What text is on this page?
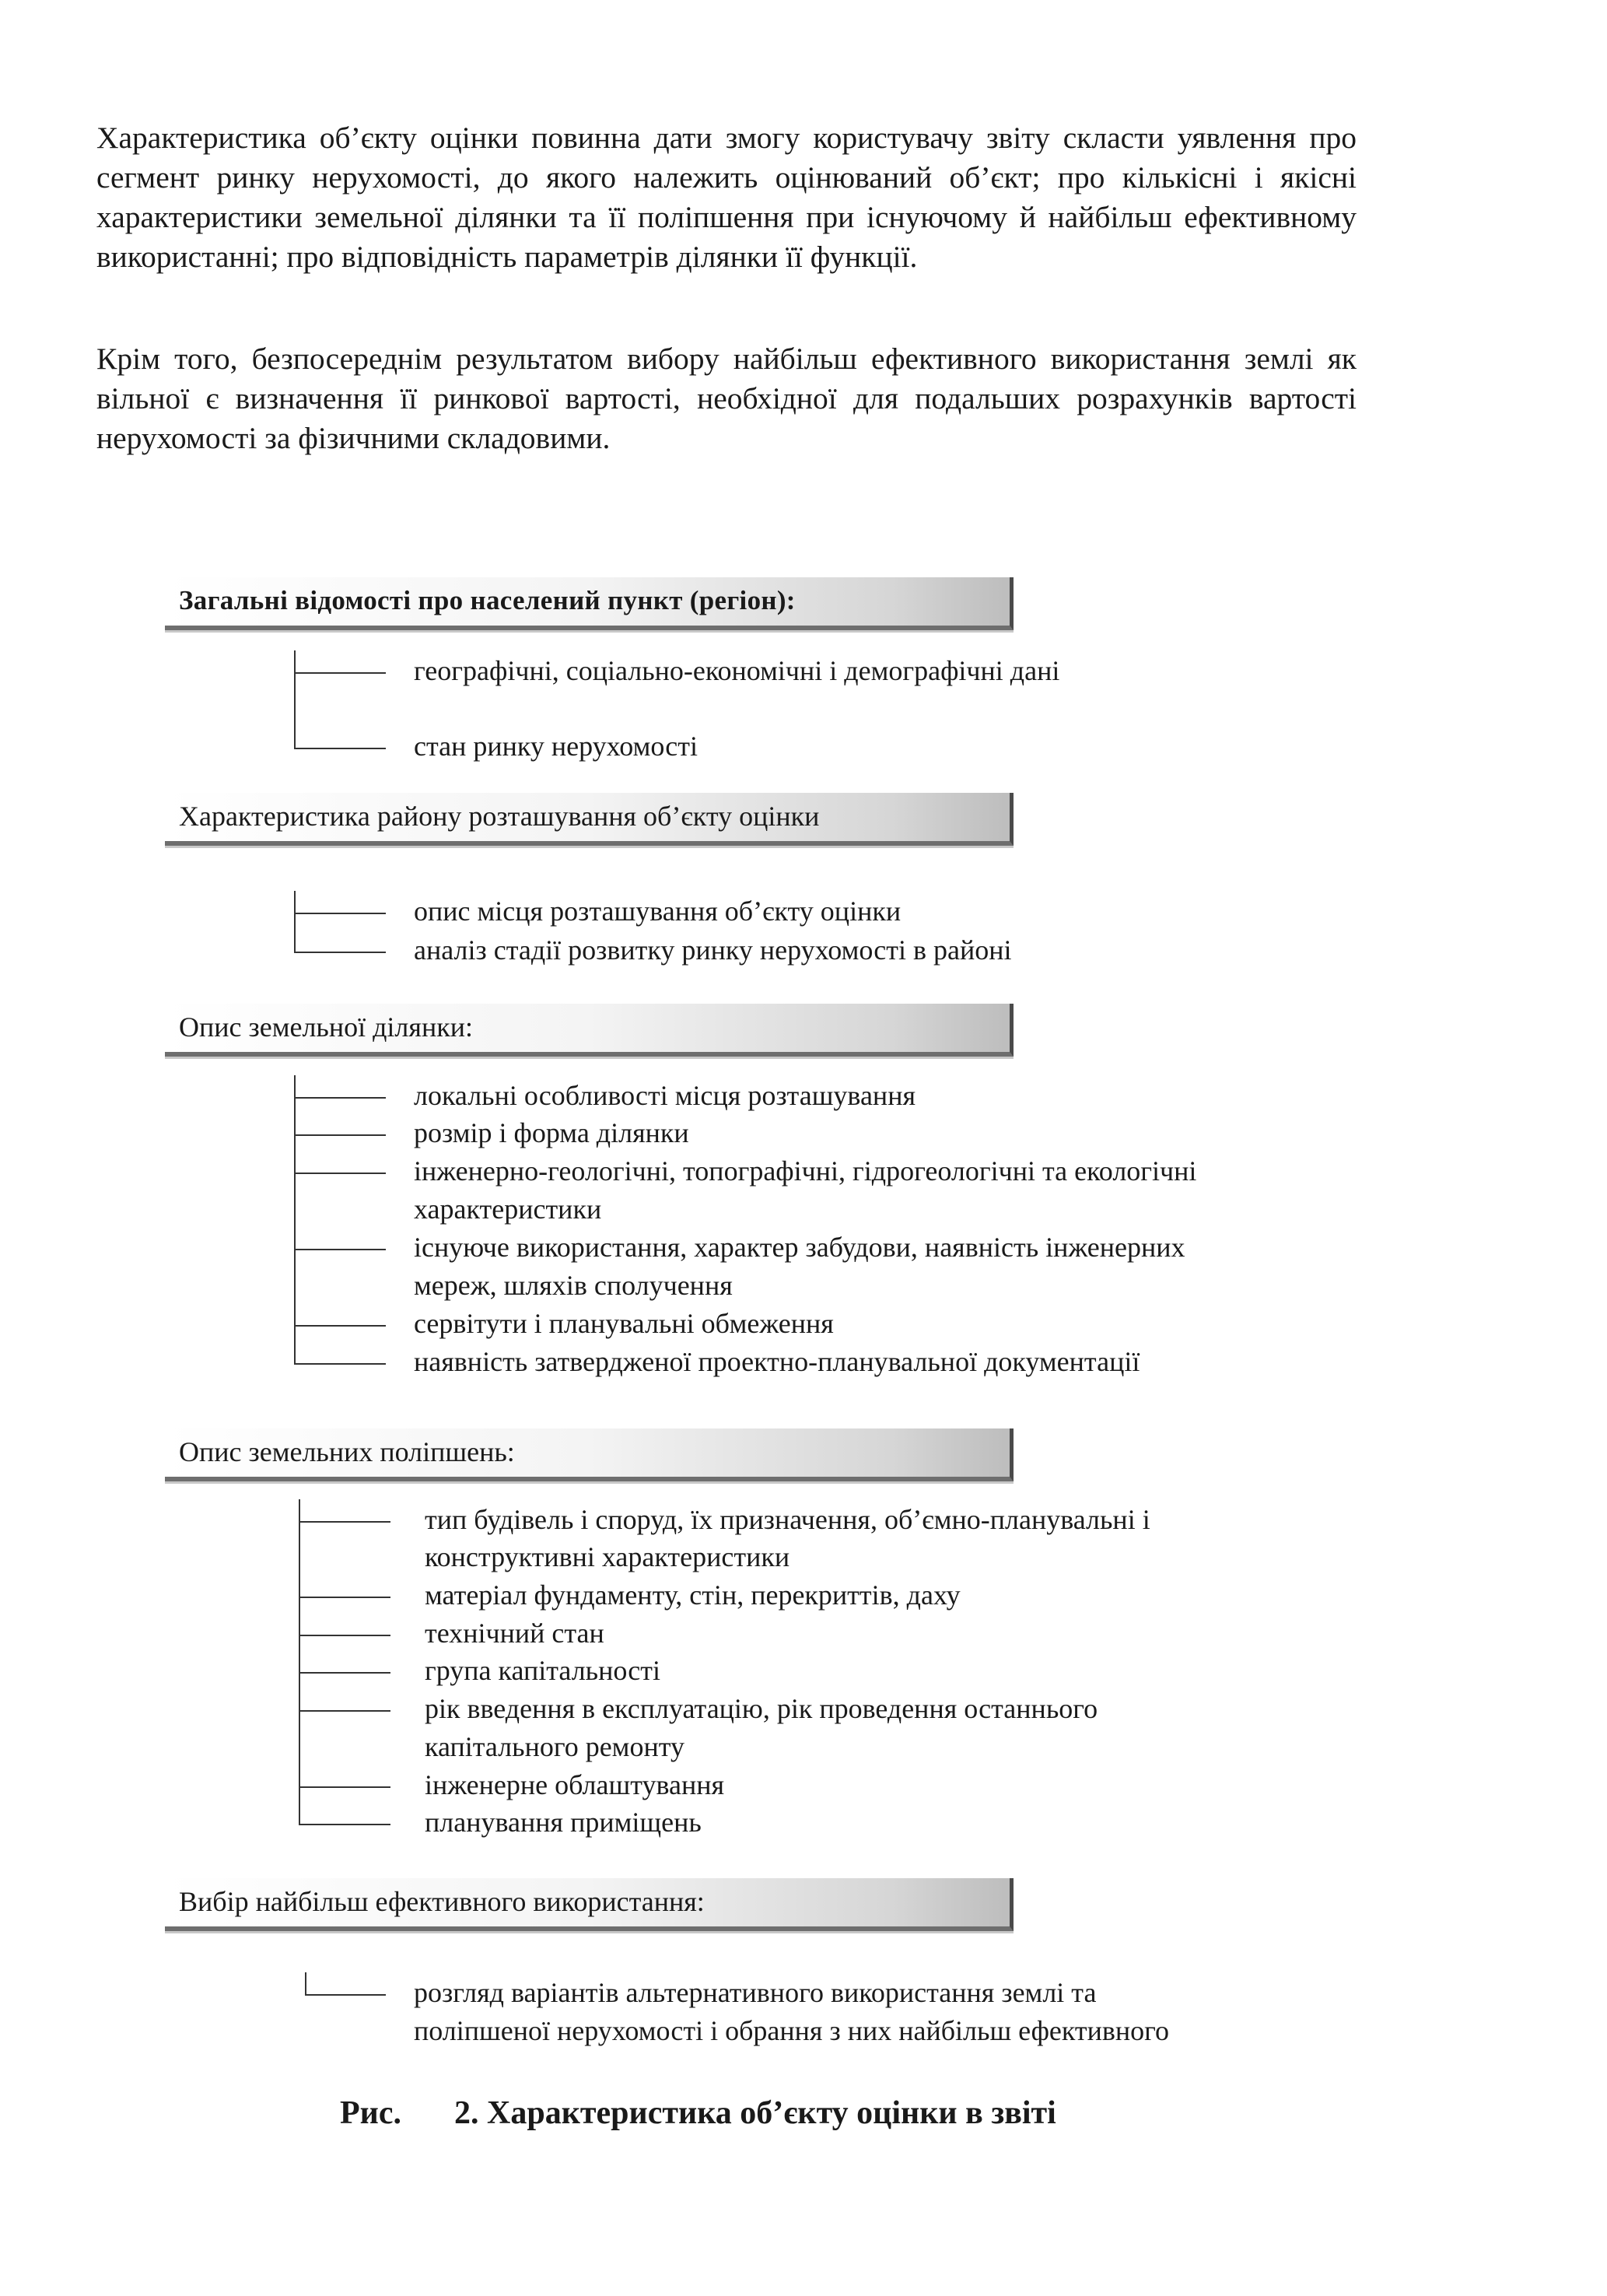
Характеристика об’єкту оцінки повинна дати змогу користувачу звіту скласти уявлення про сегмент ринку нерухомості, до якого належить оцінюваний об’єкт; про кількісні і якісні характеристики земельної ділянки та її поліпшення при існуючому й найбільш ефективному використанні; про відповідність параметрів ділянки її функції.

Крім того, безпосереднім результатом вибору найбільш ефективного використання землі як вільної є визначення її ринкової вартості, необхідної для подальших розрахунків вартості нерухомості за фізичними складовими.

Загальні відомості про населений пункт (регіон):
географічні, соціально-економічні і демографічні дані
стан ринку нерухомості
Характеристика району розташування об’єкту оцінки
опис місця розташування об’єкту оцінки
аналіз стадії розвитку ринку нерухомості в районі
Опис земельної ділянки:
локальні особливості місця розташування
розмір і форма ділянки
інженерно-геологічні, топографічні, гідрогеологічні та екологічні
характеристики
існуюче використання, характер забудови, наявність інженерних
мереж, шляхів сполучення
сервітути і планувальні обмеження
наявність затвердженої проектно-планувальної документації
Опис земельних поліпшень:
тип будівель і споруд, їх призначення, об’ємно-планувальні і
конструктивні характеристики
матеріал фундаменту, стін, перекриттів, даху
технічний стан
група капітальності
рік введення в експлуатацію, рік проведення останнього
капітального ремонту
інженерне облаштування
планування приміщень
Вибір найбільш ефективного використання:
розгляд варіантів альтернативного використання землі та
поліпшеної нерухомості і обрання з них найбільш ефективного
Рис. 2. Характеристика об’єкту оцінки в звіті
